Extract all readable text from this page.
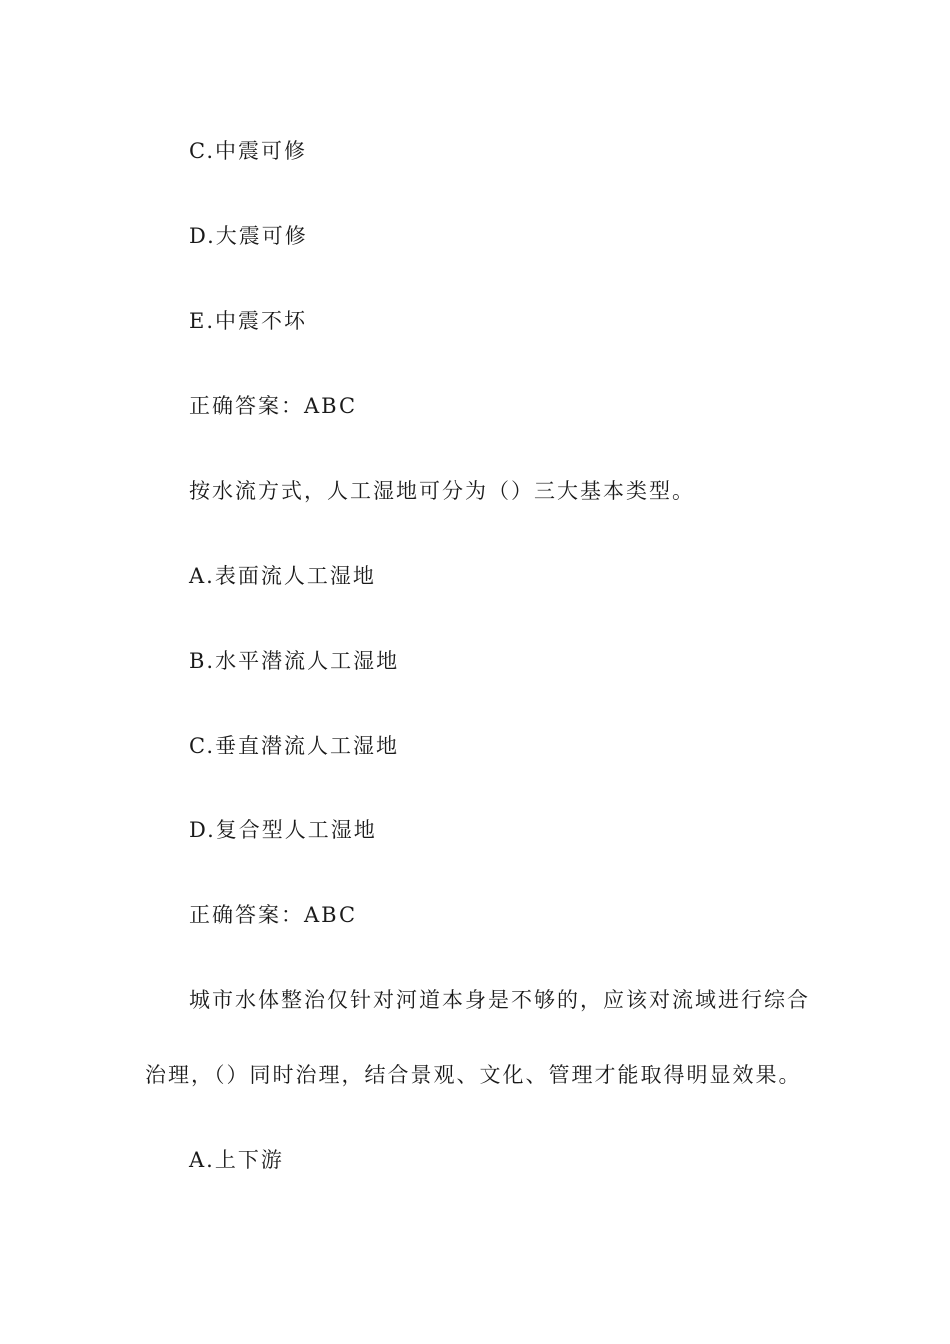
C.中震可修

D.大震可修

E.中震不坏

正确答案：ABC

按水流方式，人工湿地可分为（）三大基本类型。

A.表面流人工湿地

B.水平潜流人工湿地

C.垂直潜流人工湿地

D.复合型人工湿地

正确答案：ABC

城市水体整治仅针对河道本身是不够的，应该对流域进行综合

治理，（）同时治理，结合景观、文化、管理才能取得明显效果。

A.上下游
